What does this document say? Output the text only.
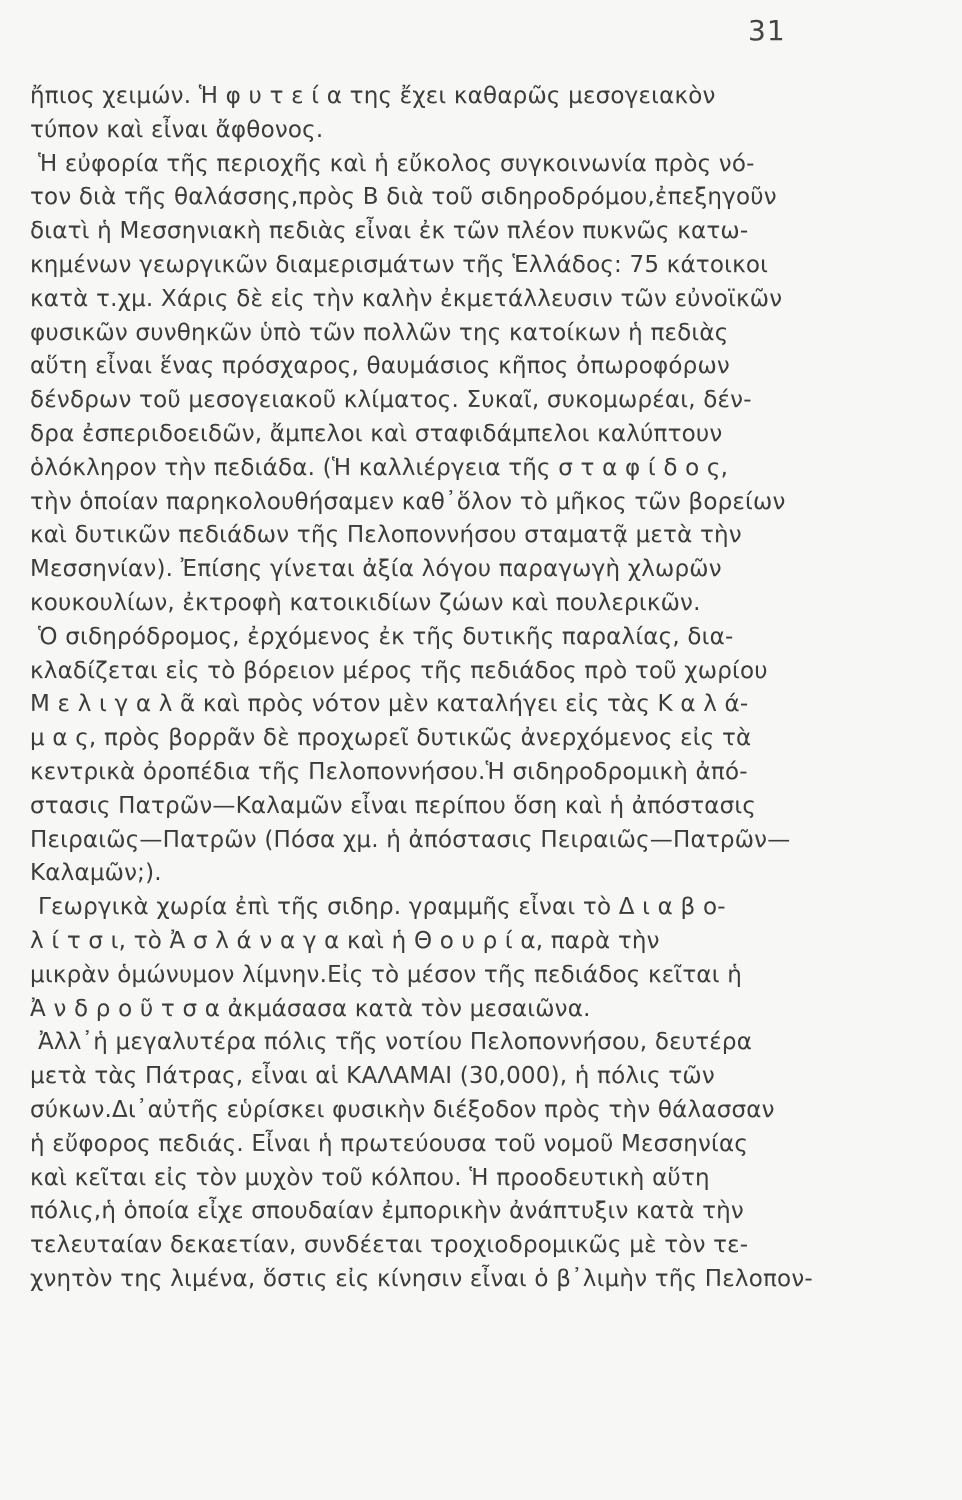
31
ἤπιος χειμών. Ἡ φ υ τ ε ί α της ἔχει καθαρῶς μεσογειακὸν
τύπον καὶ εἶναι ἄφθονος.
Ἡ εὐφορία τῆς περιοχῆς καὶ ἡ εὔκολος συγκοινωνία πρὸς νό-
τον διὰ τῆς θαλάσσης,πρὸς Β διὰ τοῦ σιδηροδρόμου,ἐπεξηγοῦν
διατὶ ἡ Μεσσηνιακὴ πεδιὰς εἶναι ἐκ τῶν πλέον πυκνῶς κατω-
κημένων γεωργικῶν διαμερισμάτων τῆς Ἑλλάδος: 75 κάτοικοι
κατὰ τ.χμ. Χάρις δὲ εἰς τὴν καλὴν ἐκμετάλλευσιν τῶν εὐνοϊκῶν
φυσικῶν συνθηκῶν ὑπὸ τῶν πολλῶν της κατοίκων ἡ πεδιὰς
αὕτη εἶναι ἕνας πρόσχαρος, θαυμάσιος κῆπος ὀπωροφόρων
δένδρων τοῦ μεσογειακοῦ κλίματος. Συκαῖ, συκομωρέαι, δέν-
δρα ἐσπεριδοειδῶν, ἄμπελοι καὶ σταφιδάμπελοι καλύπτουν
ὁλόκληρον τὴν πεδιάδα. (Ἡ καλλιέργεια τῆς σ τ α φ ί δ ο ς,
τὴν ὁποίαν παρηκολουθήσαμεν καθ᾽ὅλον τὸ μῆκος τῶν βορείων
καὶ δυτικῶν πεδιάδων τῆς Πελοποννήσου σταματᾷ μετὰ τὴν
Μεσσηνίαν). Ἐπίσης γίνεται ἀξία λόγου παραγωγὴ χλωρῶν
κουκουλίων, ἐκτροφὴ κατοικιδίων ζώων καὶ πουλερικῶν.
Ὁ σιδηρόδρομος, ἐρχόμενος ἐκ τῆς δυτικῆς παραλίας, δια-
κλαδίζεται εἰς τὸ βόρειον μέρος τῆς πεδιάδος πρὸ τοῦ χωρίου
Μ ε λ ι γ α λ ᾶ καὶ πρὸς νότον μὲν καταλήγει εἰς τὰς Κ α λ ά-
μ α ς, πρὸς βορρᾶν δὲ προχωρεῖ δυτικῶς ἀνερχόμενος εἰς τὰ
κεντρικὰ ὀροπέδια τῆς Πελοποννήσου.Ἡ σιδηροδρομικὴ ἀπό-
στασις Πατρῶν—Καλαμῶν εἶναι περίπου ὅση καὶ ἡ ἀπόστασις
Πειραιῶς—Πατρῶν (Πόσα χμ. ἡ ἀπόστασις Πειραιῶς—Πατρῶν—
Καλαμῶν;).
Γεωργικὰ χωρία ἐπὶ τῆς σιδηρ. γραμμῆς εἶναι τὸ Δ ι α β ο-
λ ί τ σ ι, τὸ Ἀ σ λ ά ν α γ α καὶ ἡ Θ ο υ ρ ί α, παρὰ τὴν
μικρὰν ὁμώνυμον λίμνην.Εἰς τὸ μέσον τῆς πεδιάδος κεῖται ἡ
Ἀ ν δ ρ ο ῦ τ σ α ἀκμάσασα κατὰ τὸν μεσαιῶνα.
Ἀλλ᾽ἡ μεγαλυτέρα πόλις τῆς νοτίου Πελοποννήσου, δευτέρα
μετὰ τὰς Πάτρας, εἶναι αἱ ΚΑΛΑΜΑΙ (30,000), ἡ πόλις τῶν
σύκων.Δι᾽αὐτῆς εὑρίσκει φυσικὴν διέξοδον πρὸς τὴν θάλασσαν
ἡ εὔφορος πεδιάς. Εἶναι ἡ πρωτεύουσα τοῦ νομοῦ Μεσσηνίας
καὶ κεῖται εἰς τὸν μυχὸν τοῦ κόλπου. Ἡ προοδευτικὴ αὕτη
πόλις,ἡ ὁποία εἶχε σπουδαίαν ἐμπορικὴν ἀνάπτυξιν κατὰ τὴν
τελευταίαν δεκαετίαν, συνδέεται τροχιοδρομικῶς μὲ τὸν τε-
χνητὸν της λιμένα, ὅστις εἰς κίνησιν εἶναι ὁ β᾽λιμὴν τῆς Πελοπον-
